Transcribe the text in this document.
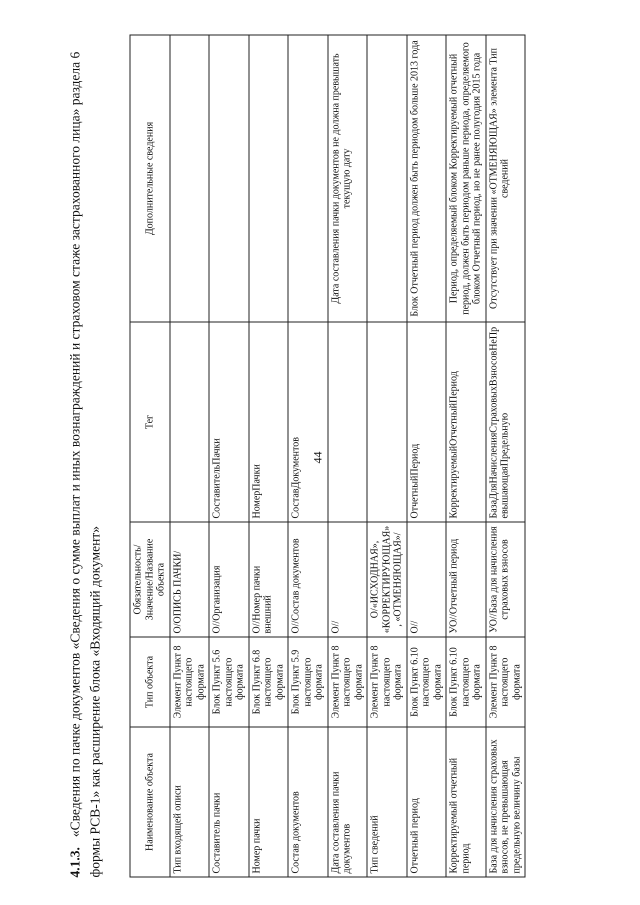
44
4.1.3.«Сведения по пачке документов «Сведения о сумме выплат и иных вознаграждений и страховом стаже застрахованного лица» раздела 6 формы РСВ-1» как расширение блока «Входящий документ»	Наименование объекта	Тип объекта	Обязательность/Значение/Название объекта	Тег	Дополнительные сведения
Тип входящей описи	Элемент Пункт 8 настоящего формата	О/ОПИСЬ ПАЧКИ/		
Составитель пачки	Блок Пункт 5.6 настоящего формата	О//Организация	СоставительПачки	
Номер пачки	Блок Пункт 6.8 настоящего формата	О//Номер пачки внешний	НомерПачки	
Состав документов	Блок Пункт 5.9 настоящего формата	О//Состав документов	СоставДокументов	
Дата составления пачки документов	Элемент Пункт 8 настоящего формата	О//		Дата составления пачки документов не должна превышать текущую дату
Тип сведений	Элемент Пункт 8 настоящего формата	О/«ИСХОДНАЯ», «КОРРЕКТИРУЮЩАЯ», «ОТМЕНЯЮЩАЯ»/		
Отчетный период	Блок Пункт 6.10 настоящего формата	О//	ОтчетныйПериод	Блок Отчетный период должен быть периодом больше 2013 года
Корректируемый отчетный период	Блок Пункт 6.10 настоящего формата	УО//Отчетный период	КорректируемыйОтчетныйПериод	Период, определяемый блоком Корректируемый отчетный период, должен быть периодом раньше периода, определяемого блоком Отчетный период, но не ранее полугодия 2015 года
База для начисления страховых взносов, не превышающая предельную величину базы	Элемент Пункт 8 настоящего формата	УО//База для начисления страховых взносов	БазаДляНачисленияСтраховыхВзносовНеПревышающаяПредельную	Отсутствует при значении «ОТМЕНЯЮЩАЯ» элемента Тип сведений
